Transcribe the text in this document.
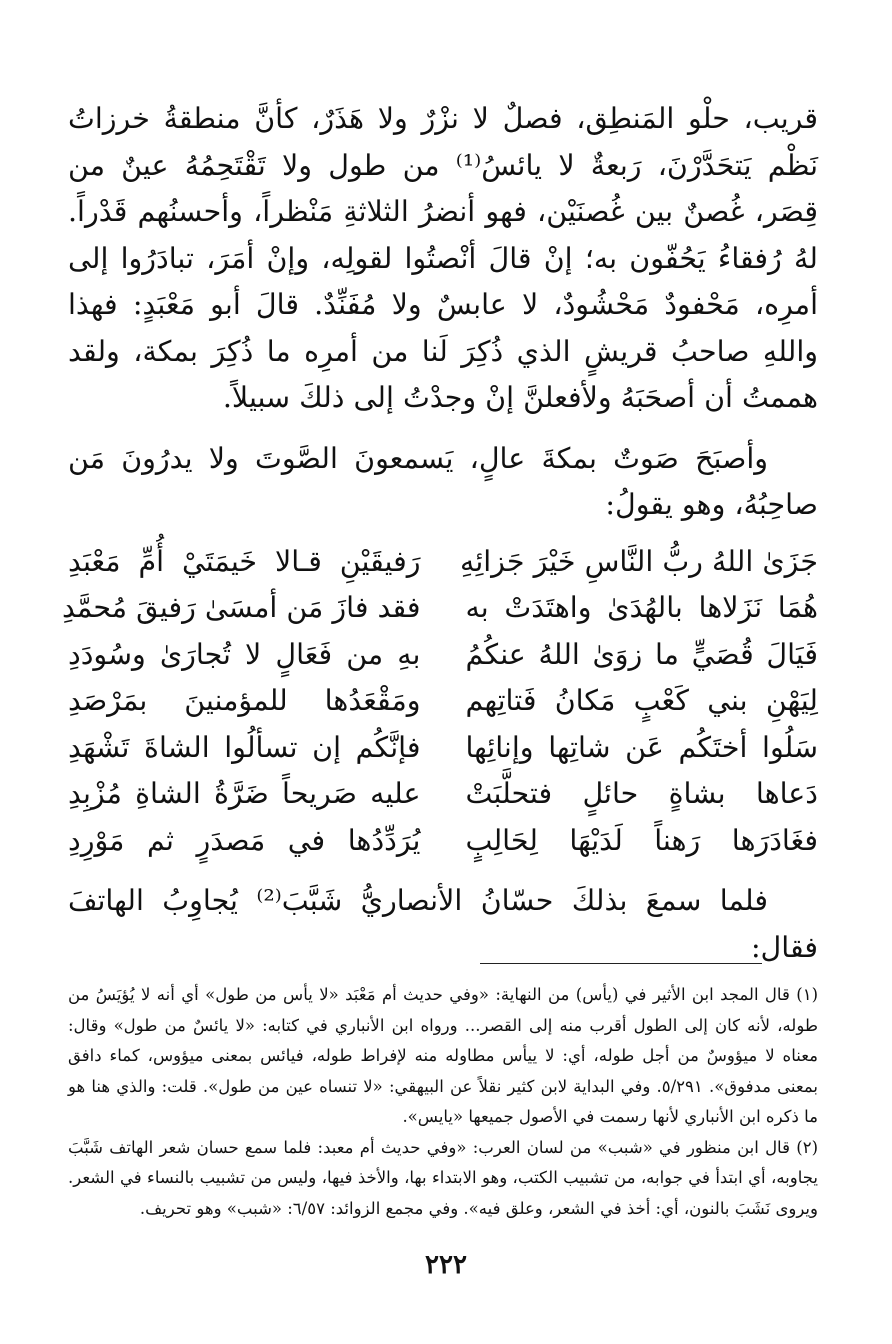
قريب، حلْو المَنطِق، فصلٌ لا نزْرٌ ولا هَذَرٌ، كأنَّ منطقةُ خرزاتُ نَظْم يَتحَدَّرْنَ، رَبعةٌ لا يائسُ⁽¹⁾ من طول ولا تَقْتَحِمُهُ عينٌ من قِصَر، غُصنٌ بين غُصنَيْن، فهو أنضرُ الثلاثةِ مَنْظراً، وأحسنُهم قَدْراً. لهُ رُفقاءُ يَحُفّون به؛ إنْ قالَ أنْصتُوا لقولِه، وإنْ أمَرَ، تبادَرُوا إلى أمرِه، مَحْفودٌ مَحْشُودٌ، لا عابسٌ ولا مُفَنِّدٌ. قالَ أبو مَعْبَدٍ: فهذا واللهِ صاحبُ قريشٍ الذي ذُكِرَ لَنا من أمرِه ما ذُكِرَ بمكة، ولقد هممتُ أن أصحَبَهُ ولأفعلنَّ إنْ وجدْتُ إلى ذلكَ سبيلاً.

وأصبَحَ صَوتٌ بمكةَ عالٍ، يَسمعونَ الصَّوتَ ولا يدرُونَ مَن صاحِبُهُ، وهو يقولُ:

جَزَىٰ اللهُ ربُّ النَّاسِ خَيْرَ جَزائِهِ
رَفيقَيْنِ قـالا خَيمَتَيْ أُمِّ مَعْبَدِ
هُمَا نَزَلاها بالهُدَىٰ واهتَدَتْ به
فقد فازَ مَن أمسَىٰ رَفيقَ مُحمَّدِ
فَيَالَ قُصَيٍّ ما زوَىٰ اللهُ عنكُمُ
بهِ من فَعَالٍ لا تُجارَىٰ وسُودَدِ
لِيَهْنِ بني كَعْبٍ مَكانُ فَتاتِهم
ومَقْعَدُها للمؤمنينَ بمَرْصَدِ
سَلُوا أختَكُم عَن شاتِها وإنائِها
فإنَّكُم إن تسألُوا الشاةَ تَشْهَدِ
دَعاها بشاةٍ حائلٍ فتحلَّبَتْ
عليه صَريحاً ضَرَّةُ الشاةِ مُزْبِدِ
فغَادَرَها رَهناً لَدَيْهَا لِحَالِبٍ
يُرَدِّدُها في مَصدَرٍ ثم مَوْرِدِ

فلما سمعَ بذلكَ حسّانُ الأنصاريُّ شَبَّبَ⁽²⁾ يُجاوِبُ الهاتفَ فقال:

(١) قال المجد ابن الأثير في (يأس) من النهاية: «وفي حديث أم مَعْبَد «لا يأس من طول» أي أنه لا يُؤيَسُ من طوله، لأنه كان إلى الطول أقرب منه إلى القصر... ورواه ابن الأنباري في كتابه: «لا يائسٌ من طول» وقال: معناه لا ميؤوسٌ من أجل طوله، أي: لا ييأس مطاوله منه لإفراط طوله، فيائس بمعنى ميؤوس، كماء دافق بمعنى مدفوق». ٥/٢٩١. وفي البداية لابن كثير نقلاً عن البيهقي: «لا تنساه عين من طول». قلت: والذي هنا هو ما ذكره ابن الأنباري لأنها رسمت في الأصول جميعها «يايس».

(٢) قال ابن منظور في «شبب» من لسان العرب: «وفي حديث أم معبد: فلما سمع حسان شعر الهاتف شَبَّبَ يجاوبه، أي ابتدأ في جوابه، من تشبيب الكتب، وهو الابتداء بها، والأخذ فيها، وليس من تشبيب بالنساء في الشعر. ويروى نَشَبَ بالنون، أي: أخذ في الشعر، وعلق فيه». وفي مجمع الزوائد: ٦/٥٧: «شبب» وهو تحريف.

٢٢٢
